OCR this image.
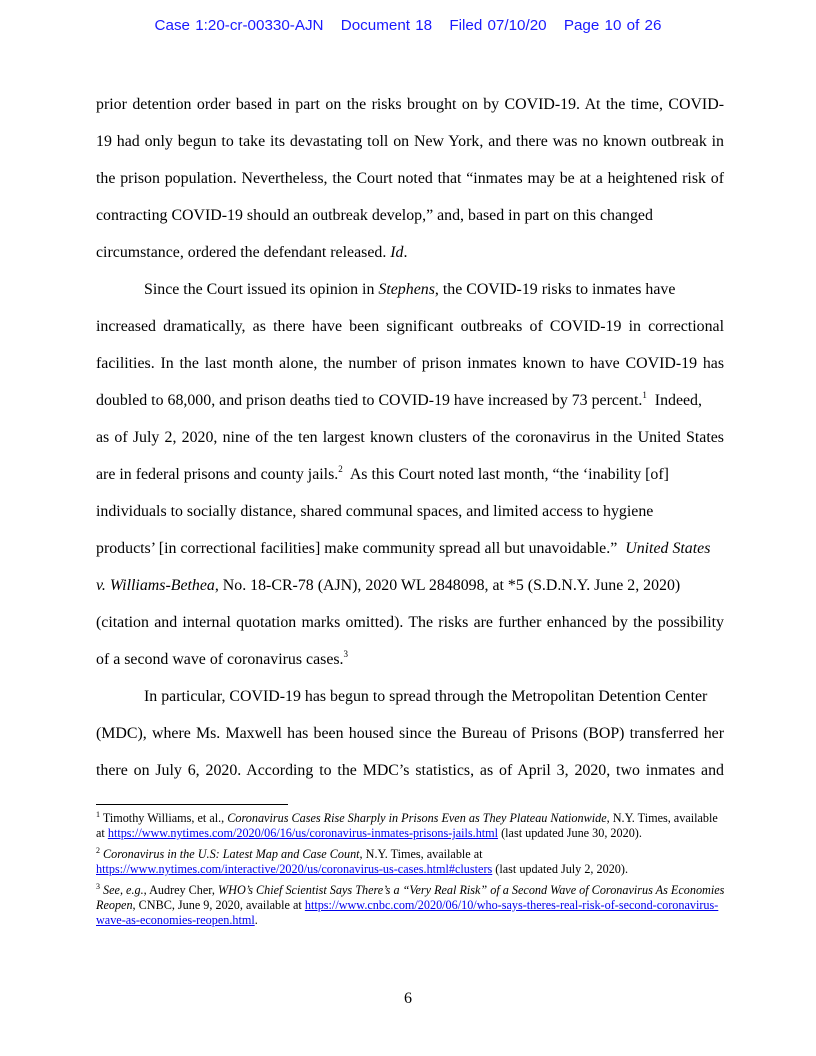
Case 1:20-cr-00330-AJN Document 18 Filed 07/10/20 Page 10 of 26
prior detention order based in part on the risks brought on by COVID-19. At the time, COVID-
19 had only begun to take its devastating toll on New York, and there was no known outbreak in
the prison population. Nevertheless, the Court noted that “inmates may be at a heightened risk of
contracting COVID-19 should an outbreak develop,” and, based in part on this changed
circumstance, ordered the defendant released. Id.
Since the Court issued its opinion in Stephens, the COVID-19 risks to inmates have
increased dramatically, as there have been significant outbreaks of COVID-19 in correctional
facilities. In the last month alone, the number of prison inmates known to have COVID-19 has
doubled to 68,000, and prison deaths tied to COVID-19 have increased by 73 percent.$^1$  Indeed,
as of July 2, 2020, nine of the ten largest known clusters of the coronavirus in the United States
are in federal prisons and county jails.$^2$  As this Court noted last month, “the ‘inability [of]
individuals to socially distance, shared communal spaces, and limited access to hygiene
products’ [in correctional facilities] make community spread all but unavoidable.”  United States
v. Williams-Bethea, No. 18-CR-78 (AJN), 2020 WL 2848098, at *5 (S.D.N.Y. June 2, 2020)
(citation and internal quotation marks omitted). The risks are further enhanced by the possibility
of a second wave of coronavirus cases.$^3$
In particular, COVID-19 has begun to spread through the Metropolitan Detention Center
(MDC), where Ms. Maxwell has been housed since the Bureau of Prisons (BOP) transferred her
there on July 6, 2020. According to the MDC’s statistics, as of April 3, 2020, two inmates and
$^1$ Timothy Williams, et al., Coronavirus Cases Rise Sharply in Prisons Even as They Plateau Nationwide, N.Y. Times, available at https://www.nytimes.com/2020/06/16/us/coronavirus-inmates-prisons-jails.html (last updated June 30, 2020).
$^2$ Coronavirus in the U.S: Latest Map and Case Count, N.Y. Times, available at https://www.nytimes.com/interactive/2020/us/coronavirus-us-cases.html#clusters (last updated July 2, 2020).
$^3$ See, e.g., Audrey Cher, WHO’s Chief Scientist Says There’s a “Very Real Risk” of a Second Wave of Coronavirus As Economies Reopen, CNBC, June 9, 2020, available at https://www.cnbc.com/2020/06/10/who-says-theres-real-risk-of-second-coronavirus-wave-as-economies-reopen.html.
6
